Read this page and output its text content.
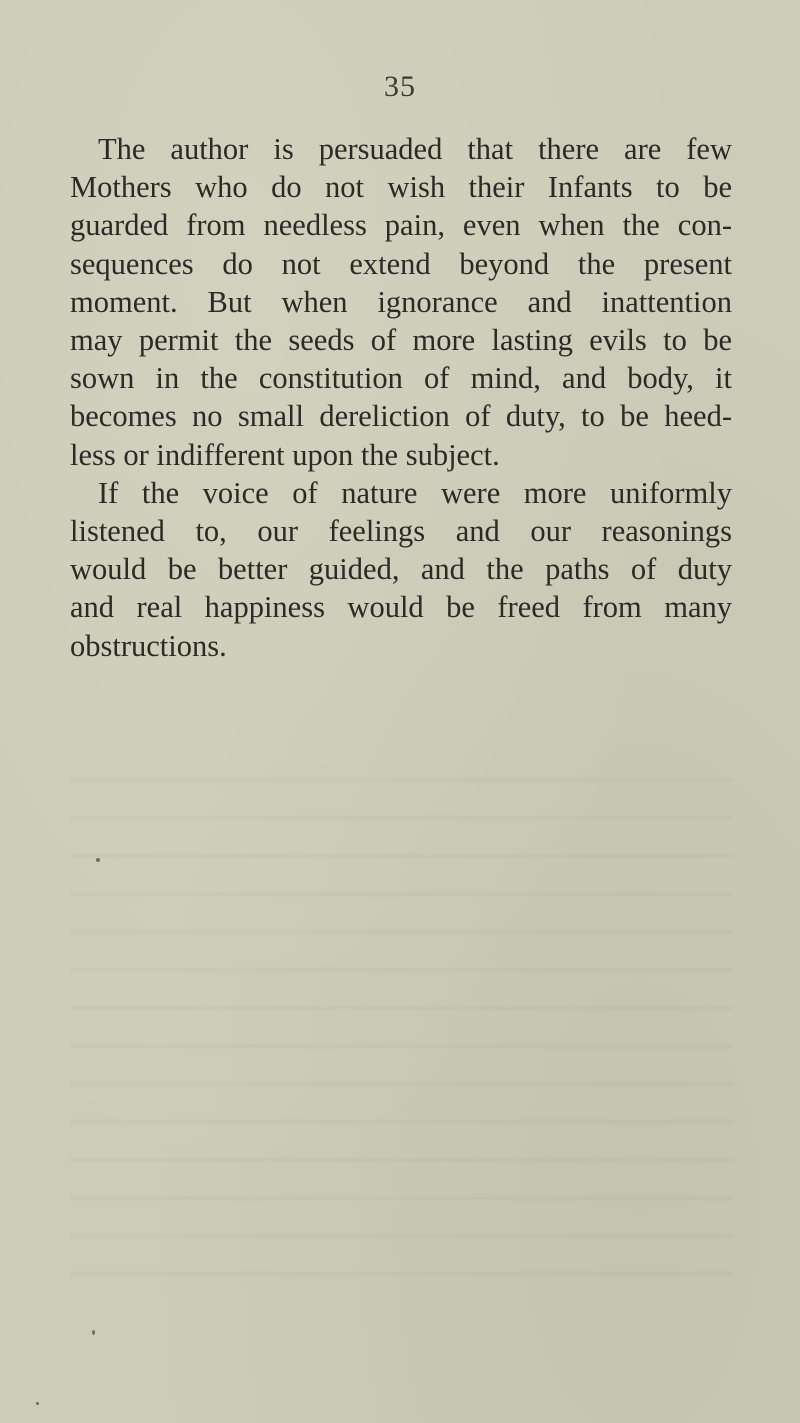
35
The author is persuaded that there are few
Mothers who do not wish their Infants to be
guarded from needless pain, even when the con-
sequences do not extend beyond the present
moment. But when ignorance and inattention
may permit the seeds of more lasting evils to be
sown in the constitution of mind, and body, it
becomes no small dereliction of duty, to be heed-
less or indifferent upon the subject.
If the voice of nature were more uniformly
listened to, our feelings and our reasonings
would be better guided, and the paths of duty
and real happiness would be freed from many
obstructions.
